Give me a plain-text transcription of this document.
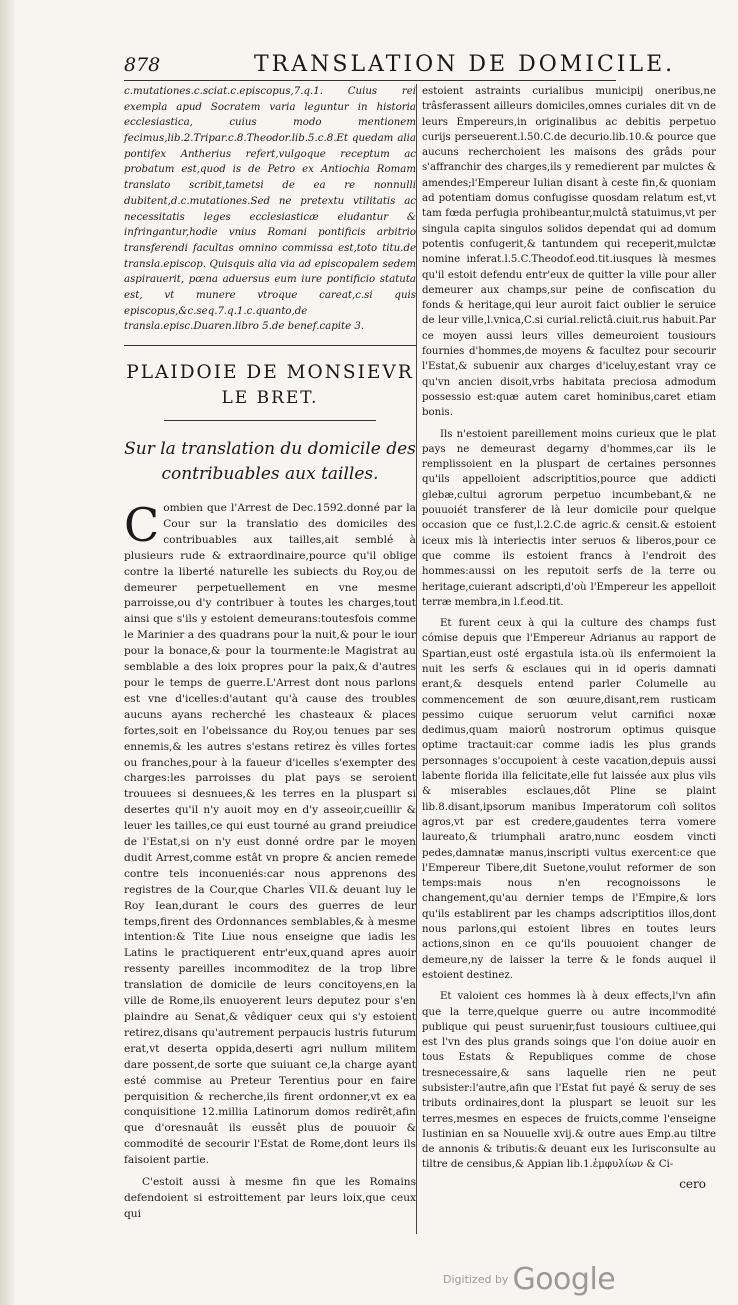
878	TRANSLATION DE DOMICILE.

c.mutationes.c.sciat.c.episcopus,7.q.1. Cuius rei exempla apud Socratem varia leguntur in historia ecclesiastica, cuius modo mentionem fecimus,lib.2.Tripar.c.8.Theodor.lib.5.c.8.Et quedam alia pontifex Antherius refert,vulgoque receptum ac probatum est,quod is de Petro ex Antiochia Romam translato scribit,tametsi de ea re nonnulli dubitent,d.c.mutationes.Sed ne pretextu vtilitatis ac necessitatis leges ecclesiasticæ eludantur & infringantur,hodie vnius Romani pontificis arbitrio transferendi facultas omnino commissa est,toto titu.de transla.episcop. Quisquis alia via ad episcopalem sedem aspirauerit, pœna aduersus eum iure pontificio statuta est, vt munere vtroque careat,c.si quis episcopus,&c.seq.7.q.1.c.quanto,de transla.episc.Duaren.libro 5.de benef.capite 3.

PLAIDOIE DE MONSIEVR
LE BRET.
Sur la translation du domicile des contribuables aux tailles.

Combien que l'Arrest de Dec.1592.donné par la Cour sur la translatio des domiciles des contribuables aux tailles,ait semblé à plusieurs rude & extraordinaire,pource qu'il oblige contre la liberté naturelle les subiects du Roy,ou de demeurer perpetuellement en vne mesme parroisse,ou d'y contribuer à toutes les charges,tout ainsi que s'ils y estoient demeurans:toutesfois comme le Marinier a des quadrans pour la nuit,& pour le iour pour la bonace,& pour la tourmente:le Magistrat au semblable a des loix propres pour la paix,& d'autres pour le temps de guerre.L'Arrest dont nous parlons est vne d'icelles:d'autant qu'à cause des troubles aucuns ayans recherché les chasteaux & places fortes,soit en l'obeissance du Roy,ou tenues par ses ennemis,& les autres s'estans retirez ès villes fortes ou franches,pour à la faueur d'icelles s'exempter des charges:les parroisses du plat pays se seroient trouuees si desnuees,& les terres en la pluspart si desertes qu'il n'y auoit moy en d'y asseoir,cueillir & leuer les tailles,ce qui eust tourné au grand preiudice de l'Estat,si on n'y eust donné ordre par le moyen dudit Arrest,comme estât vn propre & ancien remede contre tels inconueniés:car nous apprenons des registres de la Cour,que Charles VII.& deuant luy le Roy Iean,durant le cours des guerres de leur temps,firent des Ordonnances semblables,& à mesme intention:& Tite Liue nous enseigne que iadis les Latins le practiquerent entr'eux,quand apres auoir ressenty pareilles incommoditez de la trop libre translation de domicile de leurs concitoyens,en la ville de Rome,ils enuoyerent leurs deputez pour s'en plaindre au Senat,& vêdiquer ceux qui s'y estoient retirez,disans qu'autrement perpaucis lustris futurum erat,vt deserta oppida,deserti agri nullum militem dare possent,de sorte que suiuant ce,la charge ayant esté commise au Preteur Terentius pour en faire perquisition & recherche,ils firent ordonner,vt ex ea conquisitione 12.millia Latinorum domos redirêt,afin que d'oresnauât ils eussêt plus de pouuoir & commodité de secourir l'Estat de Rome,dont leurs ils faisoient partie.

C'estoit aussi à mesme fin que les Romains defendoient si estroittement par leurs loix,que ceux qui

estoient astraints curialibus municipij oneribus,ne trâsferassent ailleurs domiciles,omnes curiales dit vn de leurs Empereurs,in originalibus ac debitis perpetuo curijs perseuerent.l.50.C.de decurio.lib.10.& pource que aucuns recherchoient les maisons des grâds pour s'affranchir des charges,ils y remedierent par mulctes & amendes;l'Empereur Iulian disant à ceste fin,& quoniam ad potentiam domus confugisse quosdam relatum est,vt tam fœda perfugia prohibeantur,mulctâ statuimus,vt per singula capita singulos solidos dependat qui ad domum potentis confugerit,& tantundem qui receperit,mulctæ nomine inferat.l.5.C.Theodof.eod.tit.iusques là mesmes qu'il estoit defendu entr'eux de quitter la ville pour aller demeurer aux champs,sur peine de confiscation du fonds & heritage,qui leur auroit faict oublier le seruice de leur ville,l.vnica,C.si curial.relictâ.ciuit.rus habuit.Par ce moyen aussi leurs villes demeuroient tousiours fournies d'hommes,de moyens & facultez pour secourir l'Estat,& subuenir aux charges d'iceluy,estant vray ce qu'vn ancien disoit,vrbs habitata preciosa admodum possessio est:quæ autem caret hominibus,caret etiam bonis.

Ils n'estoient pareillement moins curieux que le plat pays ne demeurast degarny d'hommes,car ils le remplissoient en la pluspart de certaines personnes qu'ils appelloient adscriptitios,pource que addicti glebæ,cultui agrorum perpetuo incumbebant,& ne pouuoiét transferer de là leur domicile pour quelque occasion que ce fust,l.2.C.de agric.& censit.& estoient iceux mis là interiectis inter seruos & liberos,pour ce que comme ils estoient francs à l'endroit des hommes:aussi on les reputoit serfs de la terre ou heritage,cuierant adscripti,d'où l'Empereur les appelloit terræ membra,in l.f.eod.tit.

Et furent ceux à qui la culture des champs fust cómise depuis que l'Empereur Adrianus au rapport de Spartian,eust osté ergastula ista.où ils enfermoient la nuit les serfs & esclaues qui in id operis damnati erant,& desquels entend parler Columelle au commencement de son œuure,disant,rem rusticam pessimo cuique seruorum velut carnifici noxæ dedimus,quam maiorû nostrorum optimus quisque optime tractauit:car comme iadis les plus grands personnages s'occupoient à ceste vacation,depuis aussi labente florida illa felicitate,elle fut laissée aux plus vils & miserables esclaues,dôt Pline se plaint lib.8.disant,ipsorum manibus Imperatorum colì solitos agros,vt par est credere,gaudentes terra vomere laureato,& triumphali aratro,nunc eosdem vincti pedes,damnatæ manus,inscripti vultus exercent:ce que l'Empereur Tibere,dit Suetone,voulut reformer de son temps:mais nous n'en recognoissons le changement,qu'au dernier temps de l'Empire,& lors qu'ils establirent par les champs adscriptitios illos,dont nous parlons,qui estoient libres en toutes leurs actions,sinon en ce qu'ils pouuoient changer de demeure,ny de laisser la terre & le fonds auquel il estoient destinez.

Et valoient ces hommes là à deux effects,l'vn afin que la terre,quelque guerre ou autre incommodité publique qui peust suruenir,fust tousiours cultiuee,qui est l'vn des plus grands soings que l'on doiue auoir en tous Estats & Republiques comme de chose tresnecessaire,& sans laquelle rien ne peut subsister:l'autre,afin que l'Estat fut payé & seruy de ses tributs ordinaires,dont la pluspart se leuoit sur les terres,mesmes en especes de fruicts,comme l'enseigne Iustinian en sa Nouuelle xvij.& outre aues Emp.au tiltre de annonis & tributis:& deuant eux les Iurisconsulte au tiltre de censibus,& Appian lib.1.ἐμφυλίων & Ci-

cero
Digitized by Google
